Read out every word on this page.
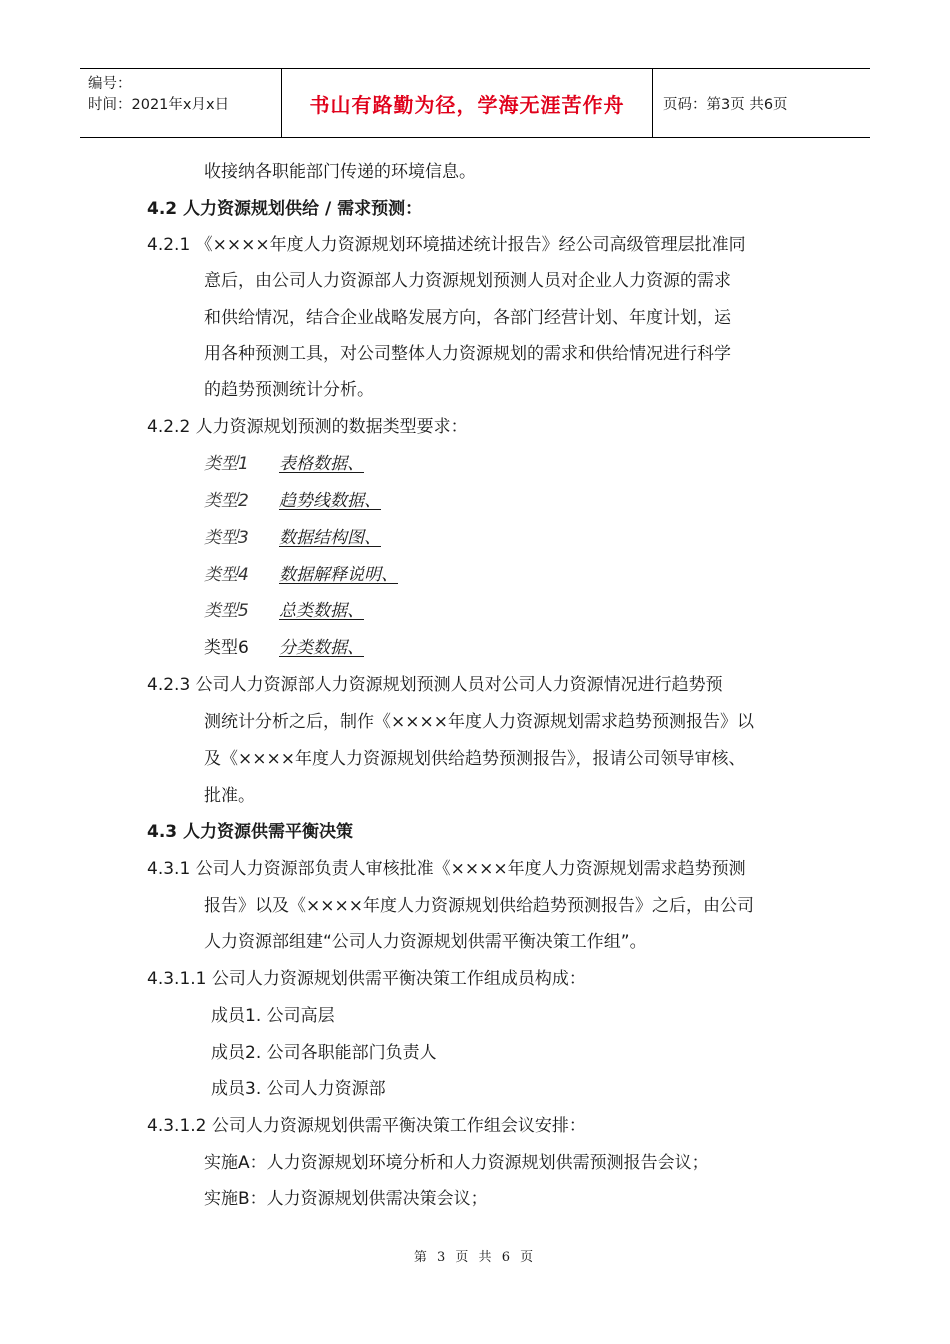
编号：
时间：2021年x月x日	书山有路勤为径，学海无涯苦作舟	页码：第3页 共6页
收接纳各职能部门传递的环境信息。
4.2 人力资源规划供给 / 需求预测：
4.2.1 《××××年度人力资源规划环境描述统计报告》经公司高级管理层批准同
意后，由公司人力资源部人力资源规划预测人员对企业人力资源的需求
和供给情况，结合企业战略发展方向，各部门经营计划、年度计划，运
用各种预测工具，对公司整体人力资源规划的需求和供给情况进行科学
的趋势预测统计分析。
4.2.2 人力资源规划预测的数据类型要求：
类型1 表格数据、
类型2 趋势线数据、
类型3 数据结构图、
类型4 数据解释说明、
类型5 总类数据、
类型6 分类数据、
4.2.3 公司人力资源部人力资源规划预测人员对公司人力资源情况进行趋势预
测统计分析之后，制作《××××年度人力资源规划需求趋势预测报告》以
及《××××年度人力资源规划供给趋势预测报告》，报请公司领导审核、
批准。
4.3 人力资源供需平衡决策
4.3.1 公司人力资源部负责人审核批准《××××年度人力资源规划需求趋势预测
报告》以及《××××年度人力资源规划供给趋势预测报告》之后，由公司
人力资源部组建“公司人力资源规划供需平衡决策工作组”。
4.3.1.1 公司人力资源规划供需平衡决策工作组成员构成：
成员1. 公司高层
成员2. 公司各职能部门负责人
成员3. 公司人力资源部
4.3.1.2 公司人力资源规划供需平衡决策工作组会议安排：
实施A：人力资源规划环境分析和人力资源规划供需预测报告会议；
实施B：人力资源规划供需决策会议；
第 3 页 共 6 页
